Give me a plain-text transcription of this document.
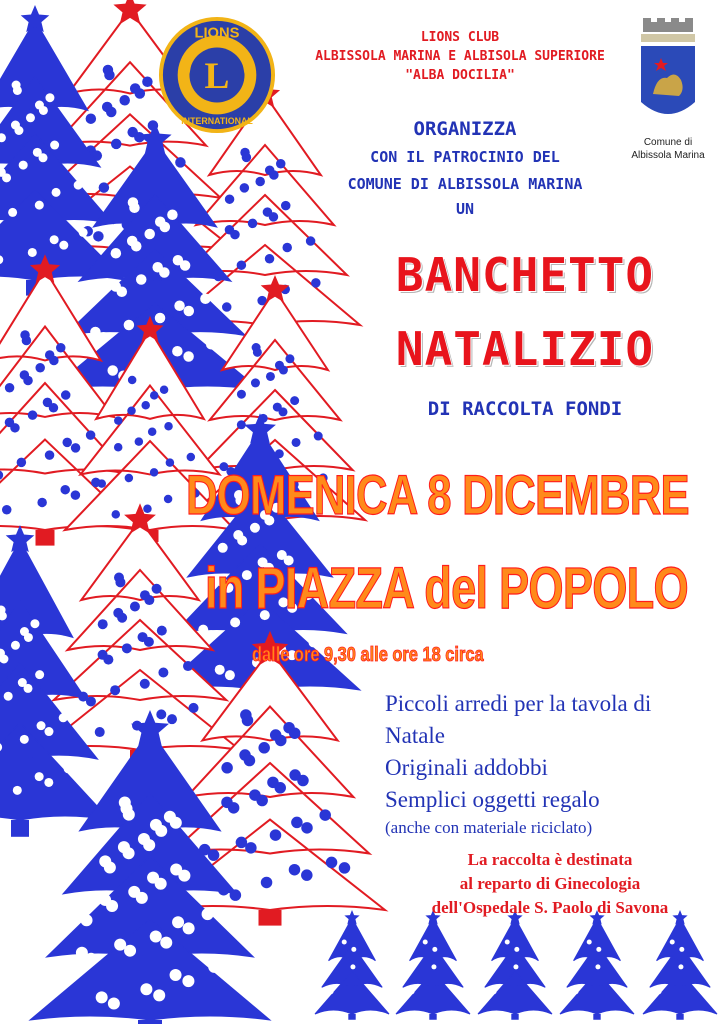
L
LIONS
INTERNATIONAL
Comune di
Albissola Marina
LIONS CLUB
ALBISSOLA MARINA E ALBISOLA SUPERIORE
"ALBA DOCILIA"
ORGANIZZA
CON IL PATROCINIO DEL
COMUNE DI ALBISSOLA MARINA
UN
BANCHETTO
NATALIZIO
DI RACCOLTA FONDI
DOMENICA 8 DICEMBRE
in PIAZZA del POPOLO
dalle ore 9,30 alle ore 18 circa
Piccoli arredi per la tavola di
Natale
Originali addobbi
Semplici oggetti regalo
(anche con materiale riciclato)
La raccolta è destinata
al reparto di Ginecologia
dell'Ospedale S. Paolo di Savona
